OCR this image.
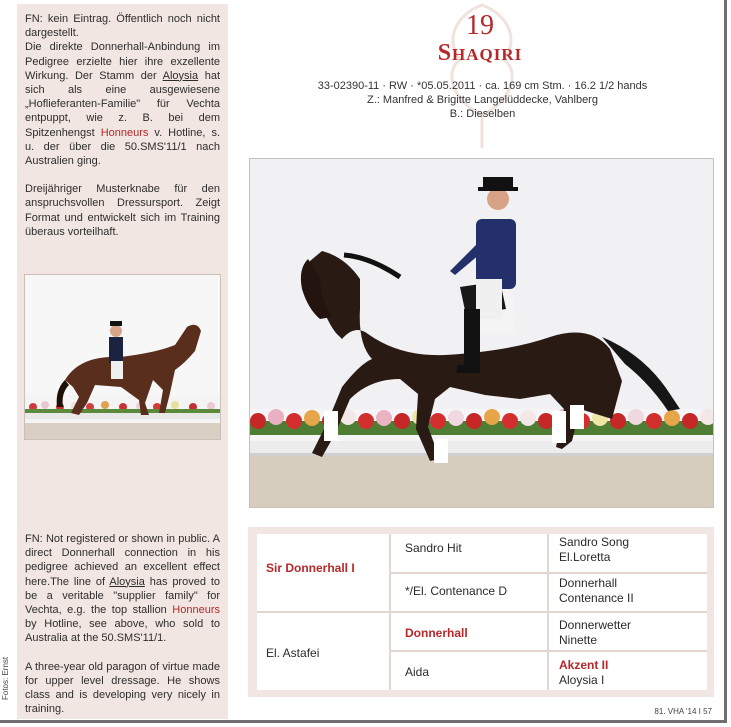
Fotos: Ernst

FN: kein Eintrag. Öffentlich noch nicht dargestellt.
Die direkte Donnerhall-Anbindung im Pedigree erzielte hier ihre exzellente Wirkung. Der Stamm der Aloysia hat sich als eine ausgewiesene „Hoflieferanten-Familie" für Vechta entpuppt, wie z. B. bei dem Spitzenhengst Honneurs v. Hotline, s. u. der über die 50.SMS'11/1 nach Australien ging.

Dreijähriger Musterknabe für den anspruchsvollen Dressursport. Zeigt Format und entwickelt sich im Training überaus vorteilhaft.

FN: Not registered or shown in public. A direct Donnerhall connection in his pedigree achieved an excellent effect here.The line of Aloysia has proved to be a veritable "supplier family" for Vechta, e.g. the top stallion Honneurs by Hotline, see above, who sold to Australia at the 50.SMS'11/1.

A three-year old paragon of virtue made for upper level dressage. He shows class and is developing very nicely in training.

19
Shaqiri
33-02390-11 · RW · *05.05.2011 · ca. 169 cm Stm. · 16.2 1/2 hands
Z.: Manfred & Brigitte Langelüddecke, Vahlberg
B.: Dieselben
Sir Donnerhall I
El. Astafei
Sandro Hit
*/El. Contenance D
Donnerhall
Aida
Sandro Song
El.Loretta
Donnerhall
Contenance II
Donnerwetter
Ninette
Akzent II
Aloysia I
81. VHA '14 I 57
